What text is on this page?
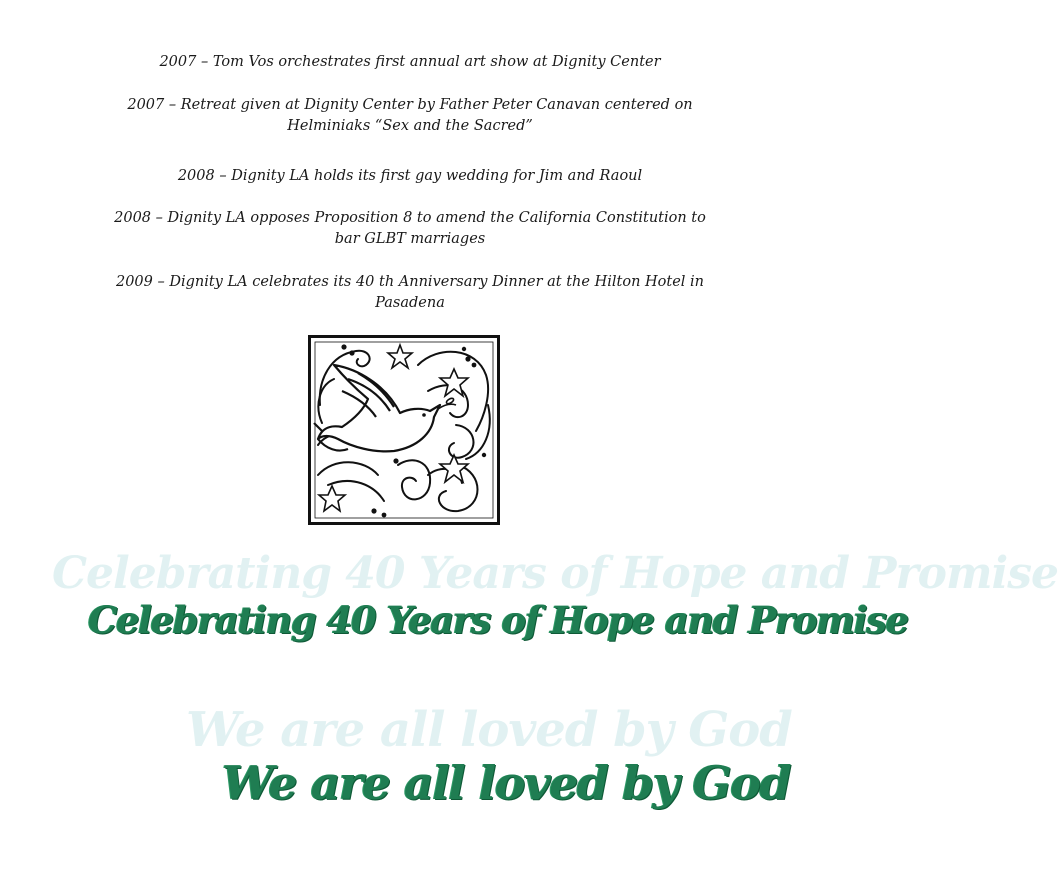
2007 – Tom Vos orchestrates first annual art show at Dignity Center
2007 – Retreat given at Dignity Center by Father Peter Canavan centered on Helminiaks “Sex and the Sacred”
2008 – Dignity LA holds its first gay wedding for Jim and Raoul
2008 – Dignity LA opposes Proposition 8 to amend the California Constitution to bar GLBT marriages
2009 – Dignity LA celebrates its 40 th Anniversary Dinner at the Hilton Hotel in Pasadena
Celebrating 40 Years of Hope and Promise
Celebrating 40 Years of Hope and Promise
We are all loved by God
We are all loved by God
